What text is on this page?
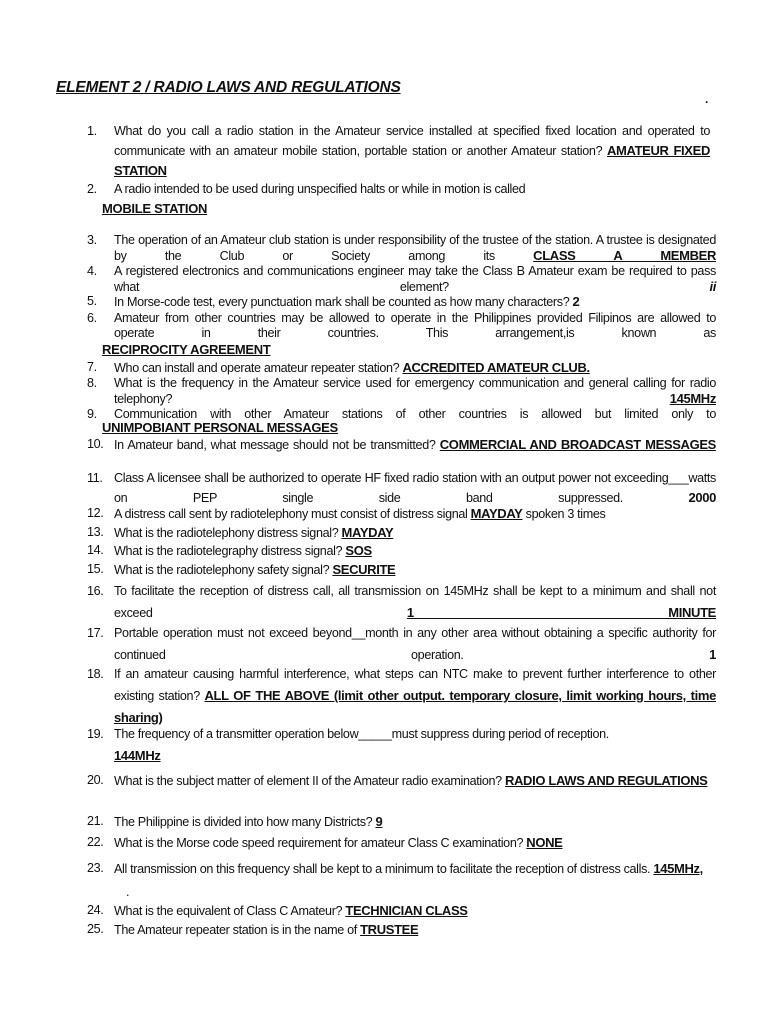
ELEMENT 2 / RADIO LAWS AND REGULATIONS
.
1. What do you call a radio station in the Amateur service installed at specified fixed location and operated to communicate with an amateur mobile station, portable station or another Amateur station? AMATEUR FIXED STATION
2. A radio intended to be used during unspecified halts or while in motion is called
MOBILE STATION
3. The operation of an Amateur club station is under responsibility of the trustee of the station. A trustee is designated by the Club or Society among its	CLASS A MEMBER
4. A registered electronics and communications engineer may take the Class B Amateur exam be required to pass what element?	ii
5. In Morse-code test, every punctuation mark shall be counted as how many characters? 2
6. Amateur from other countries may be allowed to operate in the Philippines provided Filipinos are allowed to operate in their countries. This arrangement,is known as
RECIPROCITY AGREEMENT
7. Who can install and operate amateur repeater station? ACCREDITED AMATEUR CLUB.
8. What is the frequency in the Amateur service used for emergency communication and general calling for radio telephony?	145MHz
9. Communication with other Amateur stations of other countries is allowed but limited only to
UNIMPOBIANT PERSONAL MESSAGES
10. In Amateur band, what message should not be transmitted? COMMERCIAL AND BROADCAST MESSAGES
11. Class A licensee shall be authorized to operate HF fixed radio station with an output power not exceeding___watts on PEP single side band suppressed.	2000
12. A distress call sent by radiotelephony must consist of distress signal MAYDAY spoken 3 times
13. What is the radiotelephony distress signal? MAYDAY
14. What is the radiotelegraphy distress signal? SOS
15. What is the radiotelephony safety signal? SECURITE
16. To facilitate the reception of distress call, all transmission on 145MHz shall be kept to a minimum and shall not exceed	1 MINUTE
17. Portable operation must not exceed beyond__month in any other area without obtaining a specific authority for continued operation.	1
18. If an amateur causing harmful interference, what steps can NTC make to prevent further interference to other existing station? ALL OF THE ABOVE (limit other output. temporary closure, limit working hours, time sharing)
19. The frequency of a transmitter operation below_____must suppress during period of reception.
144MHz
20. What is the subject matter of element II of the Amateur radio examination? RADIO LAWS AND REGULATIONS
21. The Philippine is divided into how many Districts? 9
22. What is the Morse code speed requirement for amateur Class C examination? NONE
23. All transmission on this frequency shall be kept to a minimum to facilitate the reception of distress calls. 145MHz, .
24. What is the equivalent of Class C Amateur? TECHNICIAN CLASS
25. The Amateur repeater station is in the name of TRUSTEE
